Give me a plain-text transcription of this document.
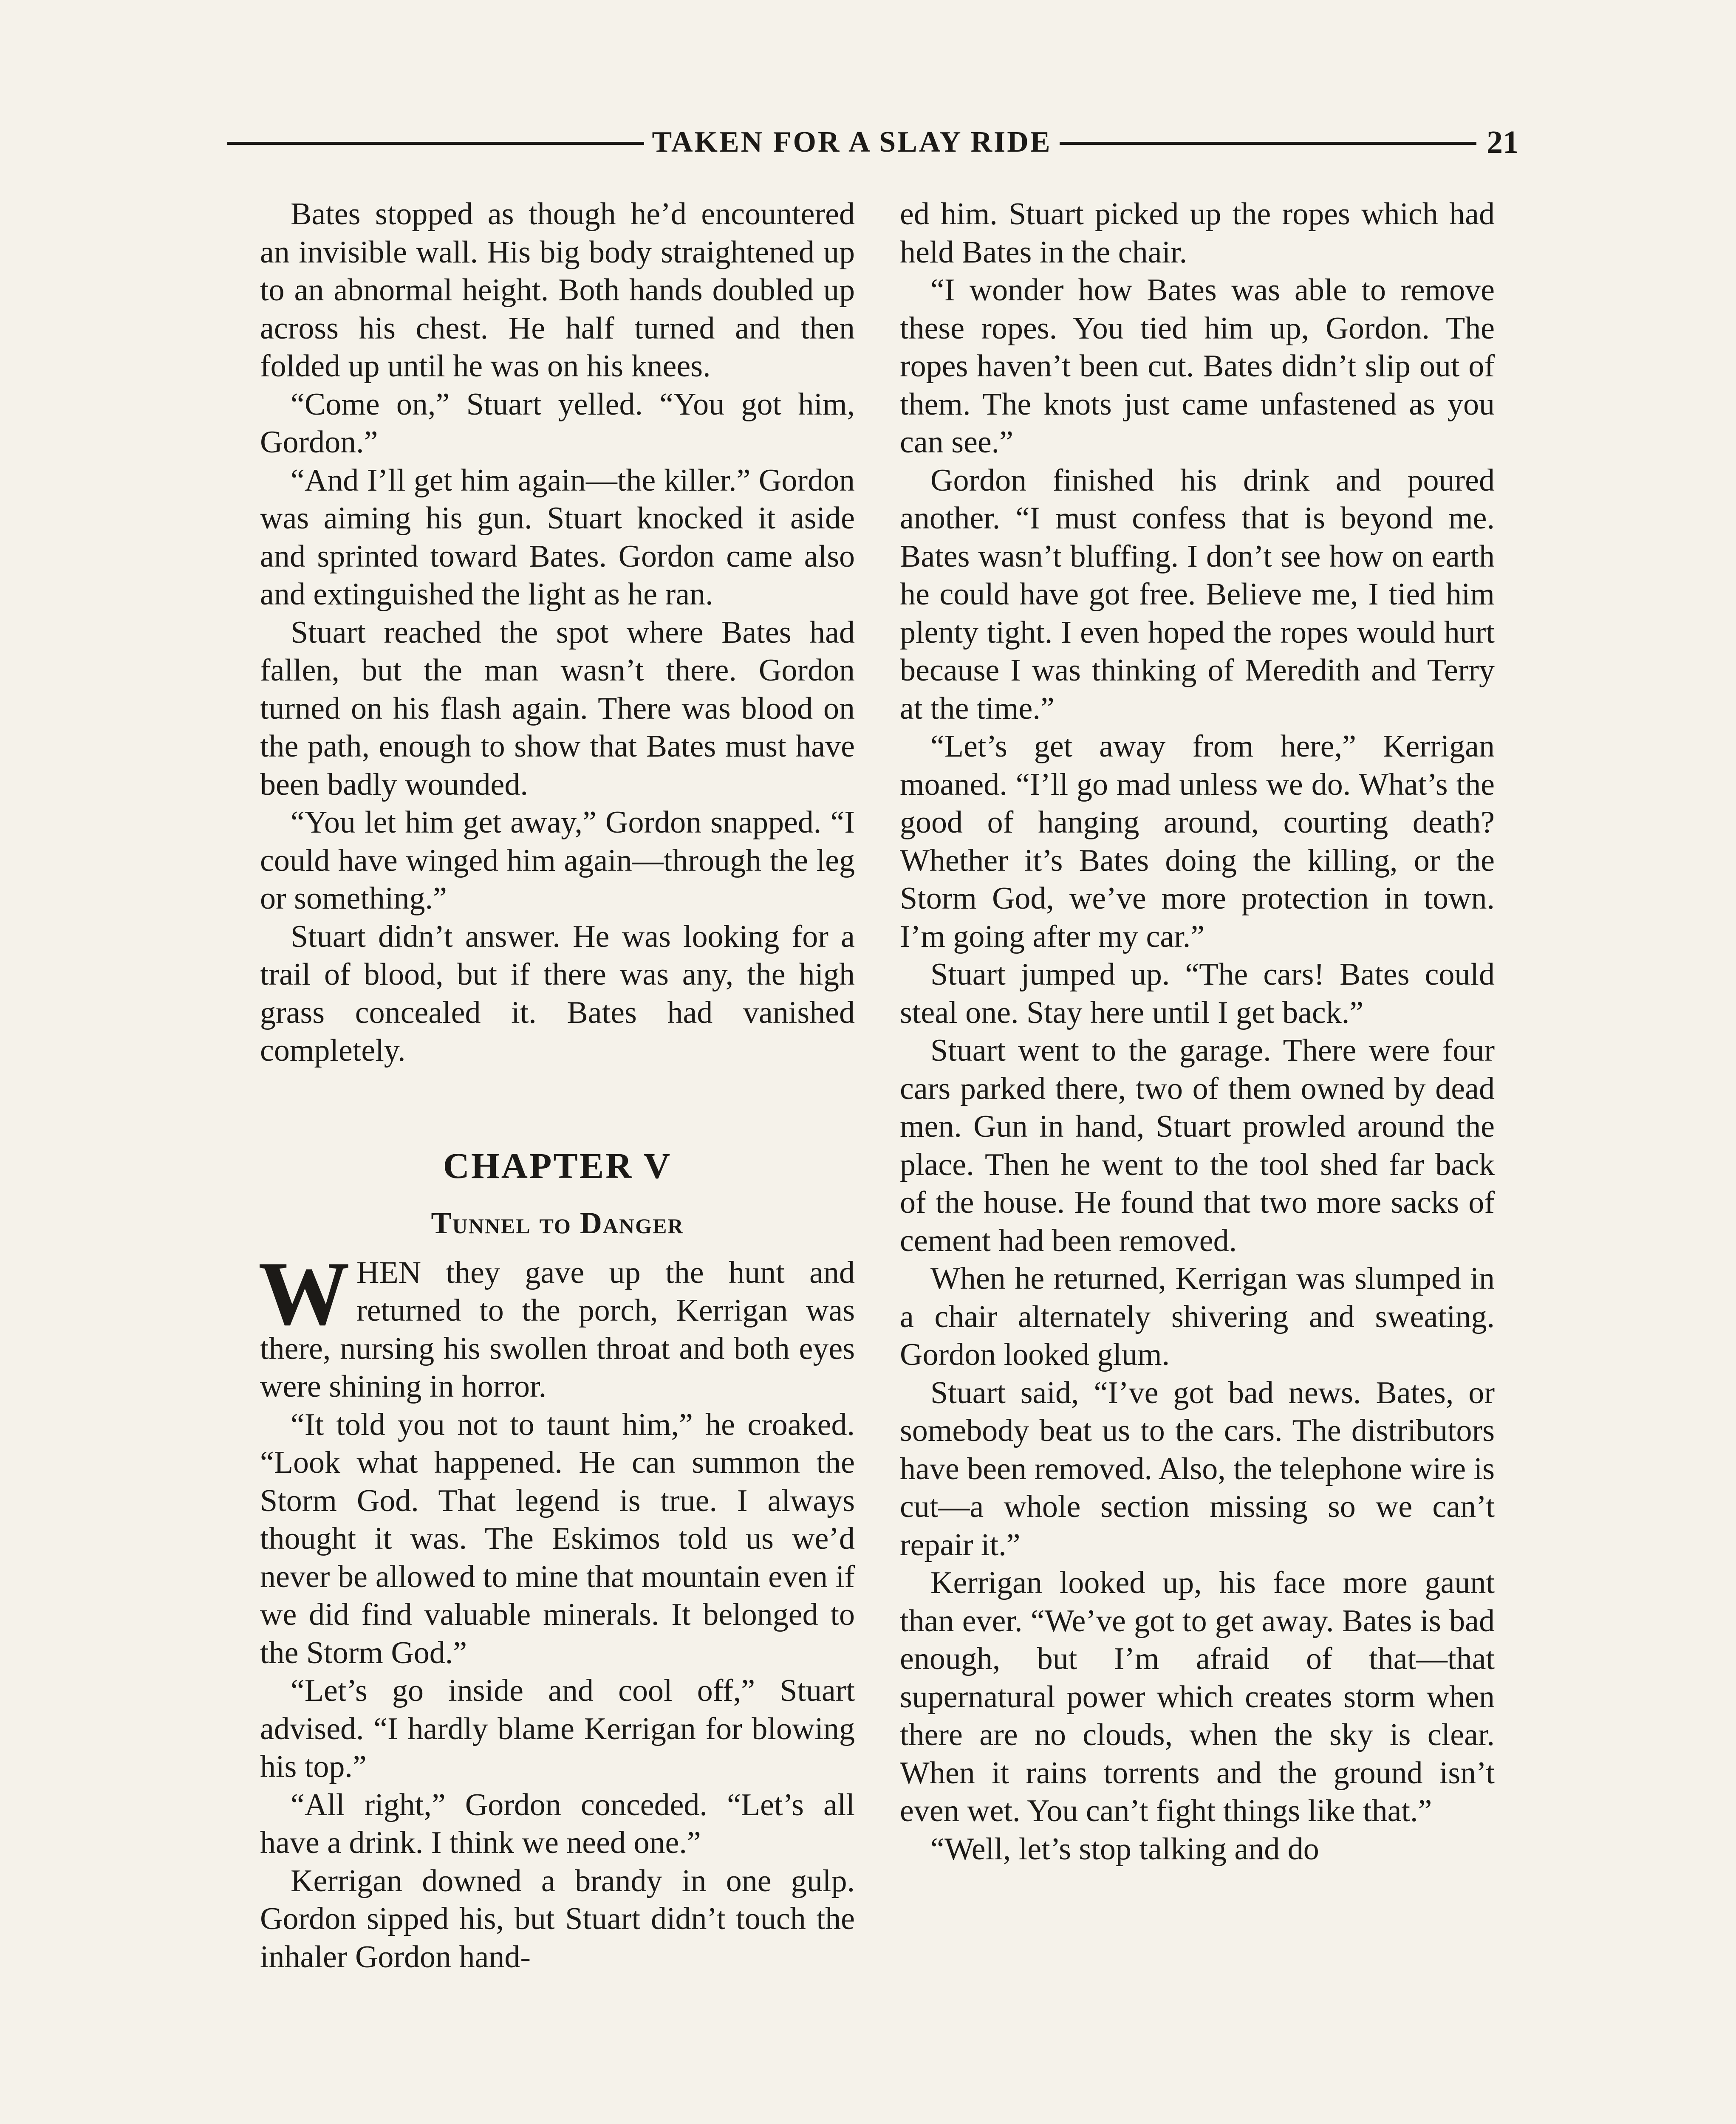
TAKEN FOR A SLAY RIDE	21

Bates stopped as though he’d encountered an invisible wall. His big body straightened up to an abnormal height. Both hands doubled up across his chest. He half turned and then folded up until he was on his knees.

“Come on,” Stuart yelled. “You got him, Gordon.”

“And I’ll get him again—the killer.” Gordon was aiming his gun. Stuart knocked it aside and sprinted toward Bates. Gordon came also and extinguished the light as he ran.

Stuart reached the spot where Bates had fallen, but the man wasn’t there. Gordon turned on his flash again. There was blood on the path, enough to show that Bates must have been badly wounded.

“You let him get away,” Gordon snapped. “I could have winged him again—through the leg or something.”

Stuart didn’t answer. He was looking for a trail of blood, but if there was any, the high grass concealed it. Bates had vanished completely.

CHAPTER V
Tunnel to Danger

WHEN they gave up the hunt and returned to the porch, Kerrigan was there, nursing his swollen throat and both eyes were shining in horror.

“It told you not to taunt him,” he croaked. “Look what happened. He can summon the Storm God. That legend is true. I always thought it was. The Eskimos told us we’d never be allowed to mine that mountain even if we did find valuable minerals. It belonged to the Storm God.”

“Let’s go inside and cool off,” Stuart advised. “I hardly blame Kerrigan for blowing his top.”

“All right,” Gordon conceded. “Let’s all have a drink. I think we need one.”

Kerrigan downed a brandy in one gulp. Gordon sipped his, but Stuart didn’t touch the inhaler Gordon hand-

ed him. Stuart picked up the ropes which had held Bates in the chair.

“I wonder how Bates was able to remove these ropes. You tied him up, Gordon. The ropes haven’t been cut. Bates didn’t slip out of them. The knots just came unfastened as you can see.”

Gordon finished his drink and poured another. “I must confess that is beyond me. Bates wasn’t bluffing. I don’t see how on earth he could have got free. Believe me, I tied him plenty tight. I even hoped the ropes would hurt because I was thinking of Meredith and Terry at the time.”

“Let’s get away from here,” Kerrigan moaned. “I’ll go mad unless we do. What’s the good of hanging around, courting death? Whether it’s Bates doing the killing, or the Storm God, we’ve more protection in town. I’m going after my car.”

Stuart jumped up. “The cars! Bates could steal one. Stay here until I get back.”

Stuart went to the garage. There were four cars parked there, two of them owned by dead men. Gun in hand, Stuart prowled around the place. Then he went to the tool shed far back of the house. He found that two more sacks of cement had been removed.

When he returned, Kerrigan was slumped in a chair alternately shivering and sweating. Gordon looked glum.

Stuart said, “I’ve got bad news. Bates, or somebody beat us to the cars. The distributors have been removed. Also, the telephone wire is cut—a whole section missing so we can’t repair it.”

Kerrigan looked up, his face more gaunt than ever. “We’ve got to get away. Bates is bad enough, but I’m afraid of that—that supernatural power which creates storm when there are no clouds, when the sky is clear. When it rains torrents and the ground isn’t even wet. You can’t fight things like that.”

“Well, let’s stop talking and do
